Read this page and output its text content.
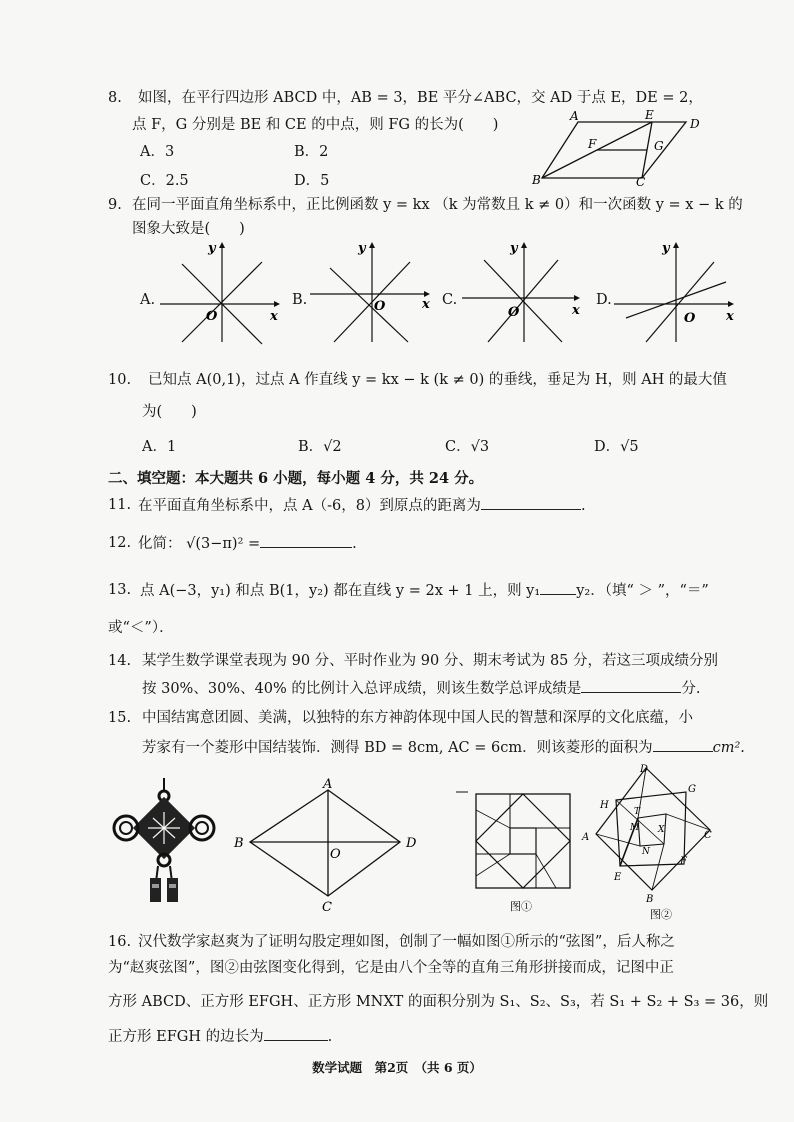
8. 如图，在平行四边形 ABCD 中，AB = 3，BE 平分∠ABC，交 AD 于点 E，DE = 2，
点 F，G 分别是 BE 和 CE 的中点，则 FG 的长为(　　)
A．3	B．2
C．2.5	D．5
A	E
D
F	G
B	C
9. 在同一平面直角坐标系中，正比例函数 y = kx （k 为常数且 k ≠ 0）和一次函数 y = x − k 的
图象大致是(　　)
A.
y
x
O
B.
y
x
O	C.
y
x
O
D.
y
x
O
10. 已知点 A(0,1)，过点 A 作直线 y = kx − k (k ≠ 0) 的垂线，垂足为 H，则 AH 的最大值
为(　　)
A．1	B．√2	C．√3	D．√5
二、填空题：本大题共 6 小题，每小题 4 分，共 24 分。
11. 在平面直角坐标系中，点 A（-6，8）到原点的距离为	.
12. 化简： √(3−π)² =	.
13. 点 A(−3，y₁) 和点 B(1，y₂) 都在直线 y = 2x + 1 上，则 y₁ y₂．（填“ ＞ ”，“＝”
或“＜”）．
14. 某学生数学课堂表现为 90 分、平时作业为 90 分、期末考试为 85 分，若这三项成绩分别
按 30%、30%、40% 的比例计入总评成绩，则该生数学总评成绩是	分.
15. 中国结寓意团圆、美满，以独特的东方神韵体现中国人民的智慧和深厚的文化底蕴，小
芳家有一个菱形中国结装饰．测得 BD = 8cm, AC = 6cm．则该菱形的面积为	cm².
A
B	D
C
O
图①
D
G
H
T
M X
A	C
N
F
E
B
图②
16. 汉代数学家赵爽为了证明勾股定理如图，创制了一幅如图①所示的“弦图”，后人称之
为“赵爽弦图”，图②由弦图变化得到，它是由八个全等的直角三角形拼接而成，记图中正
方形 ABCD、正方形 EFGH、正方形 MNXT 的面积分别为 S₁、S₂、S₃，若 S₁ + S₂ + S₃ = 36，则
正方形 EFGH 的边长为	.
数学试题　第2页　（共 6 页）
